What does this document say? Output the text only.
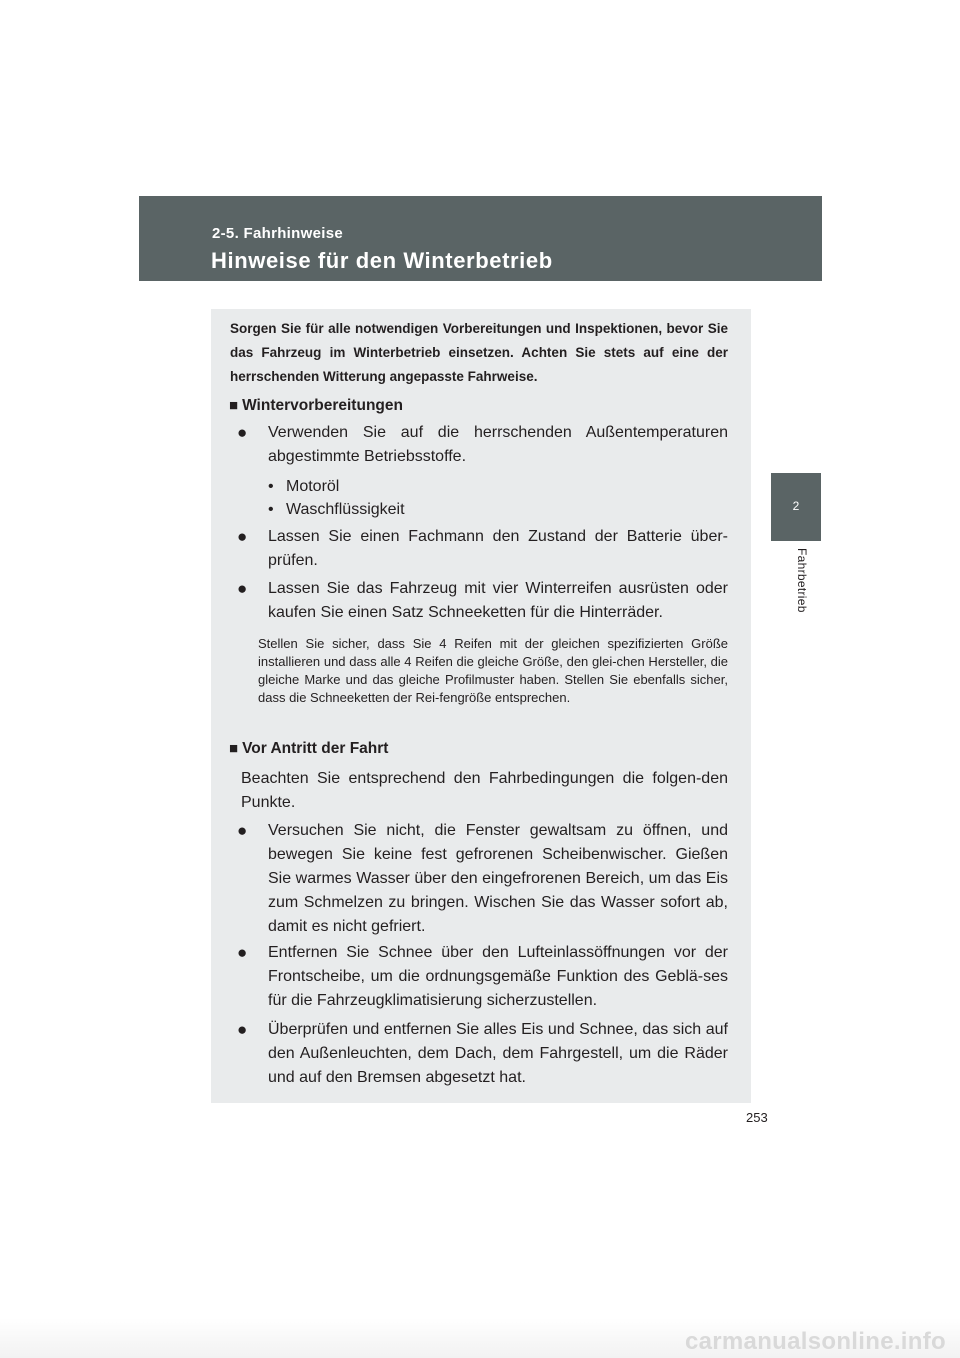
2-5. Fahrhinweise
Hinweise für den Winterbetrieb
2
Fahrbetrieb

Sorgen Sie für alle notwendigen Vorbereitungen und Inspektionen, bevor Sie das Fahrzeug im Winterbetrieb einsetzen. Achten Sie stets auf eine der herrschenden Witterung angepasste Fahrweise.

■ Wintervorbereitungen

● Verwenden Sie auf die herrschenden Außentemperaturen abgestimmte Betriebsstoffe.

• Motoröl

• Waschflüssigkeit

● Lassen Sie einen Fachmann den Zustand der Batterie über-prüfen.

● Lassen Sie das Fahrzeug mit vier Winterreifen ausrüsten oder kaufen Sie einen Satz Schneeketten für die Hinterräder.

Stellen Sie sicher, dass Sie 4 Reifen mit der gleichen spezifizierten Größe installieren und dass alle 4 Reifen die gleiche Größe, den glei-chen Hersteller, die gleiche Marke und das gleiche Profilmuster haben. Stellen Sie ebenfalls sicher, dass die Schneeketten der Rei-fengröße entsprechen.

■ Vor Antritt der Fahrt

Beachten Sie entsprechend den Fahrbedingungen die folgen-den Punkte.

● Versuchen Sie nicht, die Fenster gewaltsam zu öffnen, und bewegen Sie keine fest gefrorenen Scheibenwischer. Gießen Sie warmes Wasser über den eingefrorenen Bereich, um das Eis zum Schmelzen zu bringen. Wischen Sie das Wasser sofort ab, damit es nicht gefriert.

● Entfernen Sie Schnee über den Lufteinlassöffnungen vor der Frontscheibe, um die ordnungsgemäße Funktion des Geblä-ses für die Fahrzeugklimatisierung sicherzustellen.

● Überprüfen und entfernen Sie alles Eis und Schnee, das sich auf den Außenleuchten, dem Dach, dem Fahrgestell, um die Räder und auf den Bremsen abgesetzt hat.

253
carmanualsonline.info
